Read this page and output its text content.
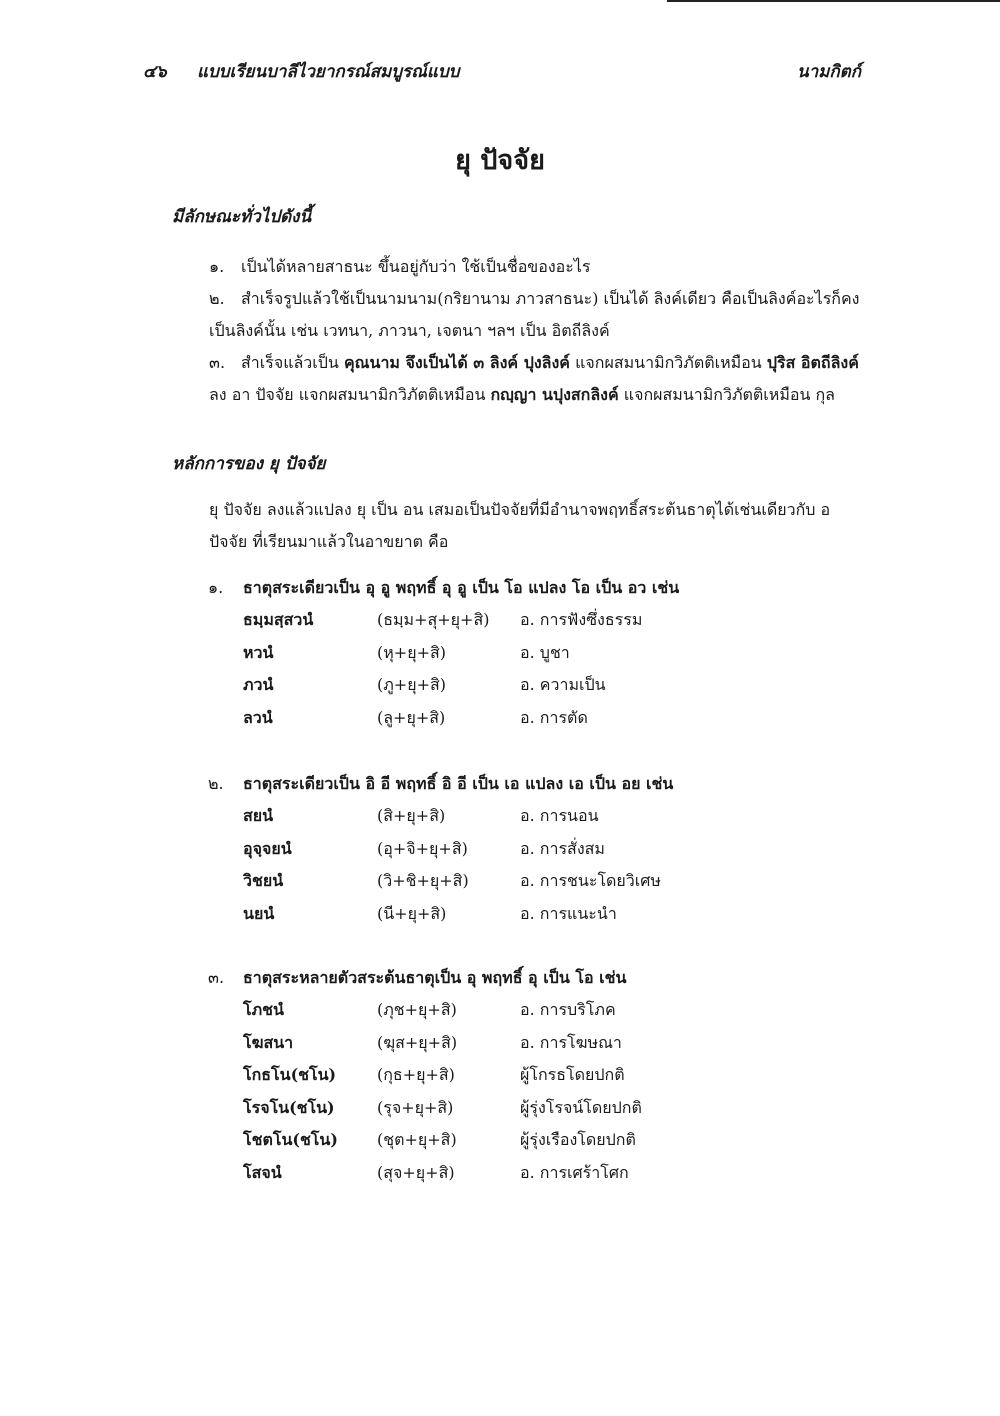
๔๖ แบบเรียนบาลีไวยากรณ์สมบูรณ์แบบ	นามกิตก์
ยุ ปัจจัย
มีลักษณะทั่วไปดังนี้

๑. เป็นได้หลายสาธนะ ขึ้นอยู่กับว่า ใช้เป็นชื่อของอะไร

๒. สำเร็จรูปแล้วใช้เป็นนามนาม(กริยานาม ภาวสาธนะ) เป็นได้ ลิงค์เดียว คือเป็นลิงค์อะไรก็คงเป็นลิงค์นั้น เช่น เวทนา, ภาวนา, เจตนา ฯลฯ เป็น อิตถีลิงค์

๓. สำเร็จแล้วเป็น คุณนาม จึงเป็นได้ ๓ ลิงค์ ปุงลิงค์ แจกผสมนามิกวิภัตติเหมือน ปุริส อิตถีลิงค์ ลง อา ปัจจัย แจกผสมนามิกวิภัตติเหมือน กญฺญา นปุงสกลิงค์ แจกผสมนามิกวิภัตติเหมือน กุล

หลักการของ ยุ ปัจจัย

ยุ ปัจจัย ลงแล้วแปลง ยุ เป็น อน เสมอเป็นปัจจัยที่มีอำนาจพฤทธิ์สระต้นธาตุได้เช่นเดียวกับ อ ปัจจัย ที่เรียนมาแล้วในอาขยาต คือ

๑. ธาตุสระเดียวเป็น อุ อู พฤทธิ์ อุ อู เป็น โอ แปลง โอ เป็น อว เช่น
ธมฺมสฺสวนํ	(ธมฺม+สุ+ยุ+สิ) อ. การฟังซึ่งธรรม
หวนํ	(หุ+ยุ+สิ)	อ. บูชา
ภวนํ	(ภู+ยุ+สิ)	อ. ความเป็น
ลวนํ	(ลู+ยุ+สิ)	อ. การตัด
๒. ธาตุสระเดียวเป็น อิ อี พฤทธิ์ อิ อี เป็น เอ แปลง เอ เป็น อย เช่น
สยนํ	(สิ+ยุ+สิ)	อ. การนอน
อุจฺจยนํ	(อุ+จิ+ยุ+สิ)	อ. การสั่งสม
วิชยนํ	(วิ+ชิ+ยุ+สิ)	อ. การชนะโดยวิเศษ
นยนํ	(นี+ยุ+สิ)	อ. การแนะนำ
๓. ธาตุสระหลายตัวสระต้นธาตุเป็น อุ พฤทธิ์ อุ เป็น โอ เช่น
โภชนํ	(ภุช+ยุ+สิ)	อ. การบริโภค
โฆสนา	(ฆุส+ยุ+สิ)	อ. การโฆษณา
โกธโน(ชโน)	(กุธ+ยุ+สิ)	ผู้โกรธโดยปกติ
โรจโน(ชโน)	(รุจ+ยุ+สิ)	ผู้รุ่งโรจน์โดยปกติ
โชตโน(ชโน) (ชุต+ยุ+สิ)	ผู้รุ่งเรืองโดยปกติ
โสจนํ	(สุจ+ยุ+สิ)	อ. การเศร้าโศก
